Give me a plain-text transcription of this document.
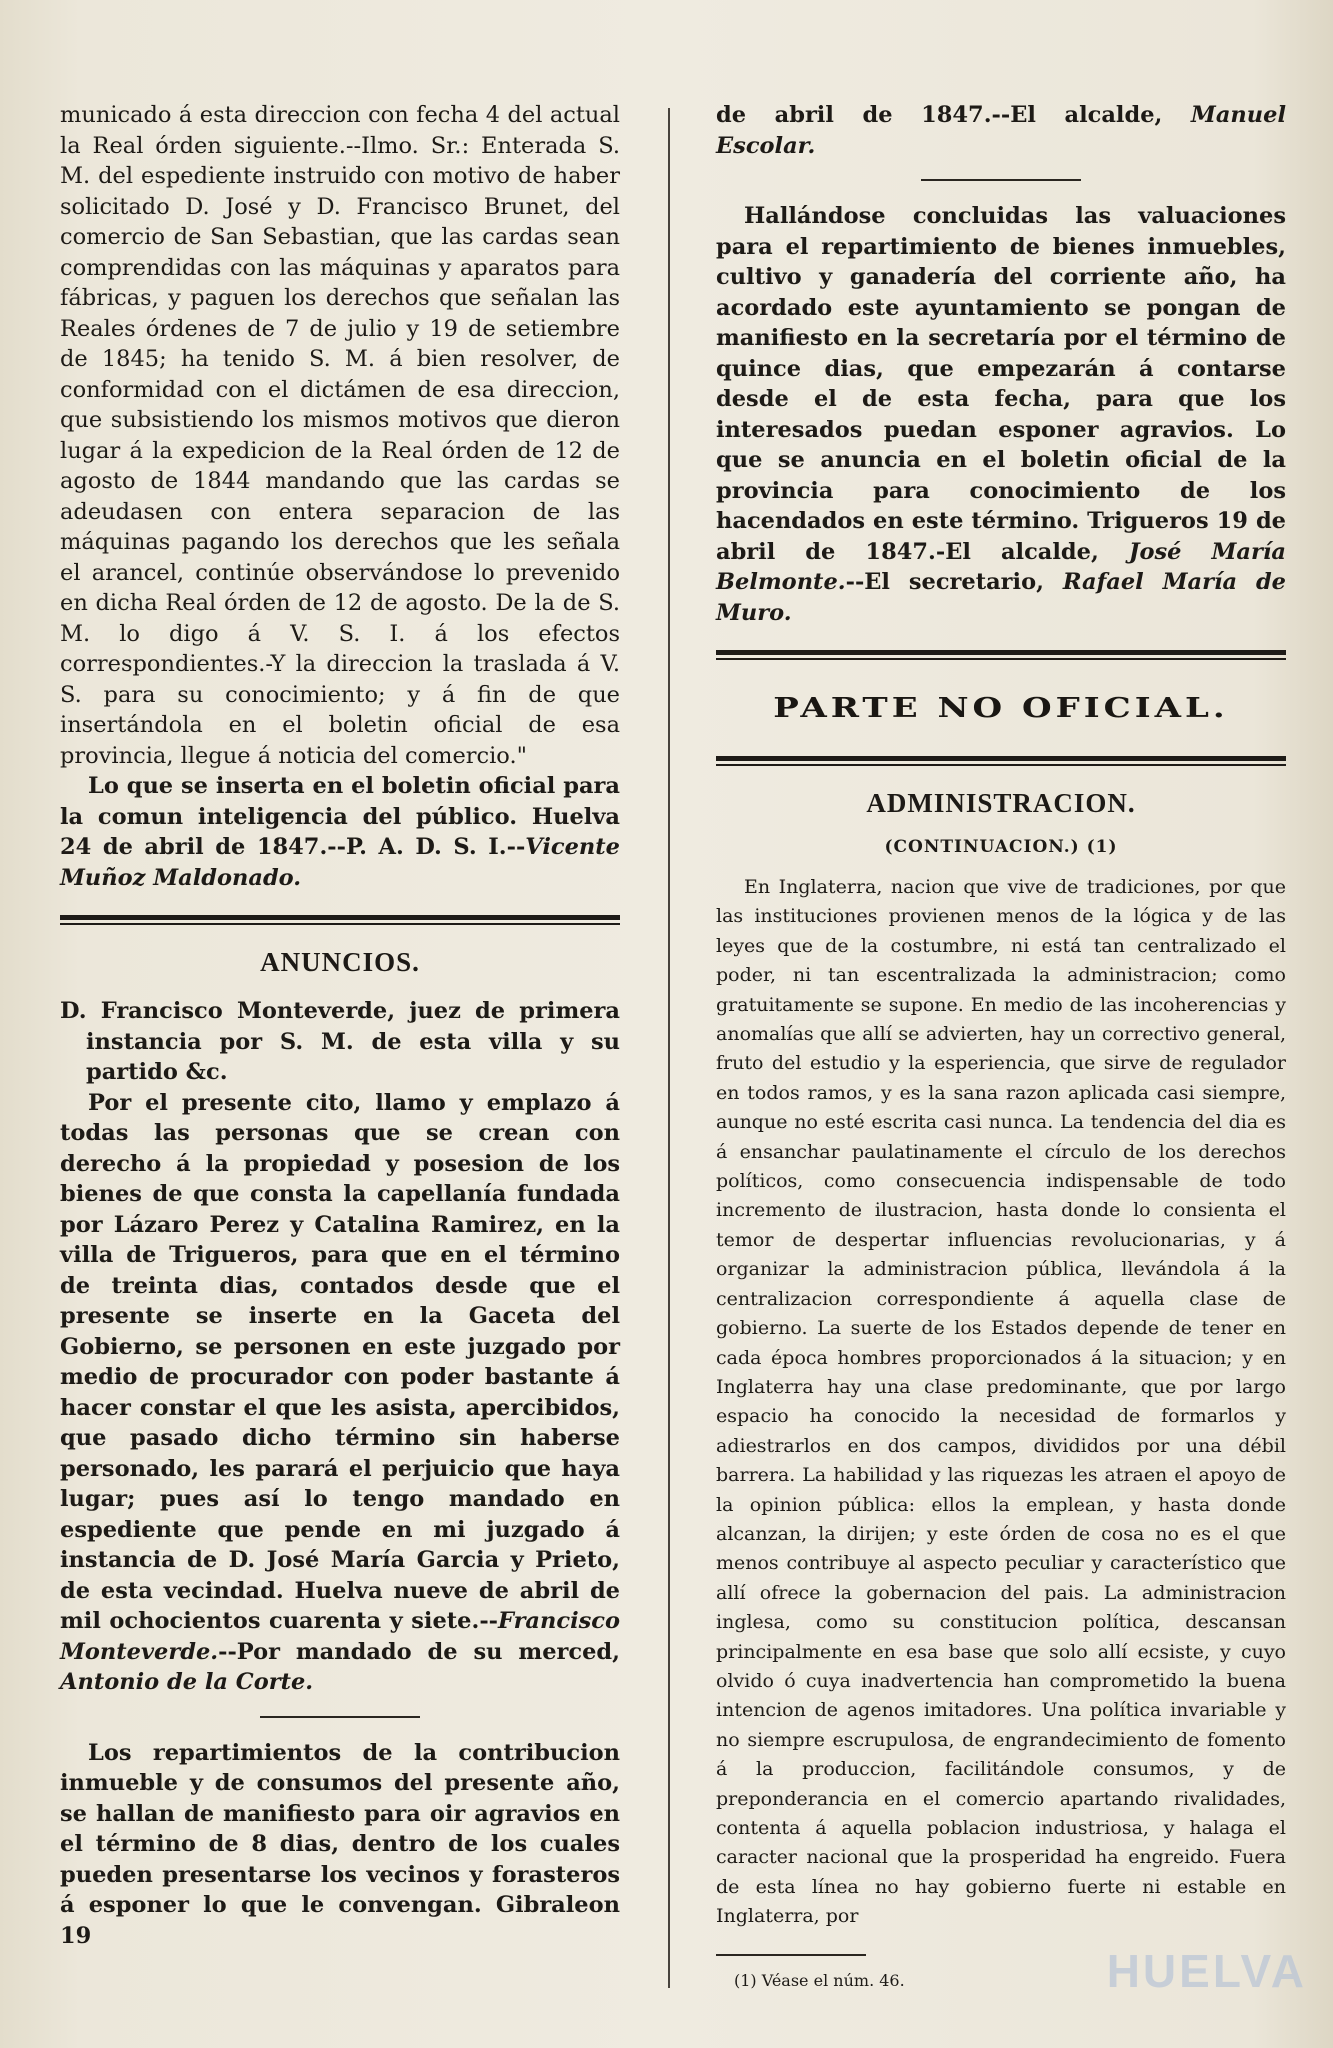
municado á esta direccion con fecha 4 del actual la Real órden siguiente.--Ilmo. Sr.: Enterada S. M. del espediente instruido con motivo de haber solicitado D. José y D. Francisco Brunet, del comercio de San Sebastian, que las cardas sean comprendidas con las máquinas y aparatos para fábricas, y paguen los derechos que señalan las Reales órdenes de 7 de julio y 19 de setiembre de 1845; ha tenido S. M. á bien resolver, de conformidad con el dictámen de esa direccion, que subsistiendo los mismos motivos que dieron lugar á la expedicion de la Real órden de 12 de agosto de 1844 mandando que las cardas se adeudasen con entera separacion de las máquinas pagando los derechos que les señala el arancel, continúe observándose lo prevenido en dicha Real órden de 12 de agosto. De la de S. M. lo digo á V. S. I. á los efectos correspondientes.-Y la direccion la traslada á V. S. para su conocimiento; y á fin de que insertándola en el boletin oficial de esa provincia, llegue á noticia del comercio."

Lo que se inserta en el boletin oficial para la comun inteligencia del público. Huelva 24 de abril de 1847.--P. A. D. S. I.--Vicente Muñoz Maldonado.

ANUNCIOS.

D. Francisco Monteverde, juez de primera instancia por S. M. de esta villa y su partido &c.

Por el presente cito, llamo y emplazo á todas las personas que se crean con derecho á la propiedad y posesion de los bienes de que consta la capellanía fundada por Lázaro Perez y Catalina Ramirez, en la villa de Trigueros, para que en el término de treinta dias, contados desde que el presente se inserte en la Gaceta del Gobierno, se personen en este juzgado por medio de procurador con poder bastante á hacer constar el que les asista, apercibidos, que pasado dicho término sin haberse personado, les parará el perjuicio que haya lugar; pues así lo tengo mandado en espediente que pende en mi juzgado á instancia de D. José María Garcia y Prieto, de esta vecindad. Huelva nueve de abril de mil ochocientos cuarenta y siete.--Francisco Monteverde.--Por mandado de su merced, Antonio de la Corte.

Los repartimientos de la contribucion inmueble y de consumos del presente año, se hallan de manifiesto para oir agravios en el término de 8 dias, dentro de los cuales pueden presentarse los vecinos y forasteros á esponer lo que le convengan. Gibraleon 19

de abril de 1847.--El alcalde, Manuel Escolar.

Hallándose concluidas las valuaciones para el repartimiento de bienes inmuebles, cultivo y ganadería del corriente año, ha acordado este ayuntamiento se pongan de manifiesto en la secretaría por el término de quince dias, que empezarán á contarse desde el de esta fecha, para que los interesados puedan esponer agravios. Lo que se anuncia en el boletin oficial de la provincia para conocimiento de los hacendados en este término. Trigueros 19 de abril de 1847.-El alcalde, José María Belmonte.--El secretario, Rafael María de Muro.

PARTE NO OFICIAL.
ADMINISTRACION.
(CONTINUACION.) (1)

En Inglaterra, nacion que vive de tradiciones, por que las instituciones provienen menos de la lógica y de las leyes que de la costumbre, ni está tan centralizado el poder, ni tan escentralizada la administracion; como gratuitamente se supone. En medio de las incoherencias y anomalías que allí se advierten, hay un correctivo general, fruto del estudio y la esperiencia, que sirve de regulador en todos ramos, y es la sana razon aplicada casi siempre, aunque no esté escrita casi nunca. La tendencia del dia es á ensanchar paulatinamente el círculo de los derechos políticos, como consecuencia indispensable de todo incremento de ilustracion, hasta donde lo consienta el temor de despertar influencias revolucionarias, y á organizar la administracion pública, llevándola á la centralizacion correspondiente á aquella clase de gobierno. La suerte de los Estados depende de tener en cada época hombres proporcionados á la situacion; y en Inglaterra hay una clase predominante, que por largo espacio ha conocido la necesidad de formarlos y adiestrarlos en dos campos, divididos por una débil barrera. La habilidad y las riquezas les atraen el apoyo de la opinion pública: ellos la emplean, y hasta donde alcanzan, la dirijen; y este órden de cosa no es el que menos contribuye al aspecto peculiar y característico que allí ofrece la gobernacion del pais. La administracion inglesa, como su constitucion política, descansan principalmente en esa base que solo allí ecsiste, y cuyo olvido ó cuya inadvertencia han comprometido la buena intencion de agenos imitadores. Una política invariable y no siempre escrupulosa, de engrandecimiento de fomento á la produccion, facilitándole consumos, y de preponderancia en el comercio apartando rivalidades, contenta á aquella poblacion industriosa, y halaga el caracter nacional que la prosperidad ha engreido. Fuera de esta línea no hay gobierno fuerte ni estable en Inglaterra, por

(1) Véase el núm. 46.	HUELVA
